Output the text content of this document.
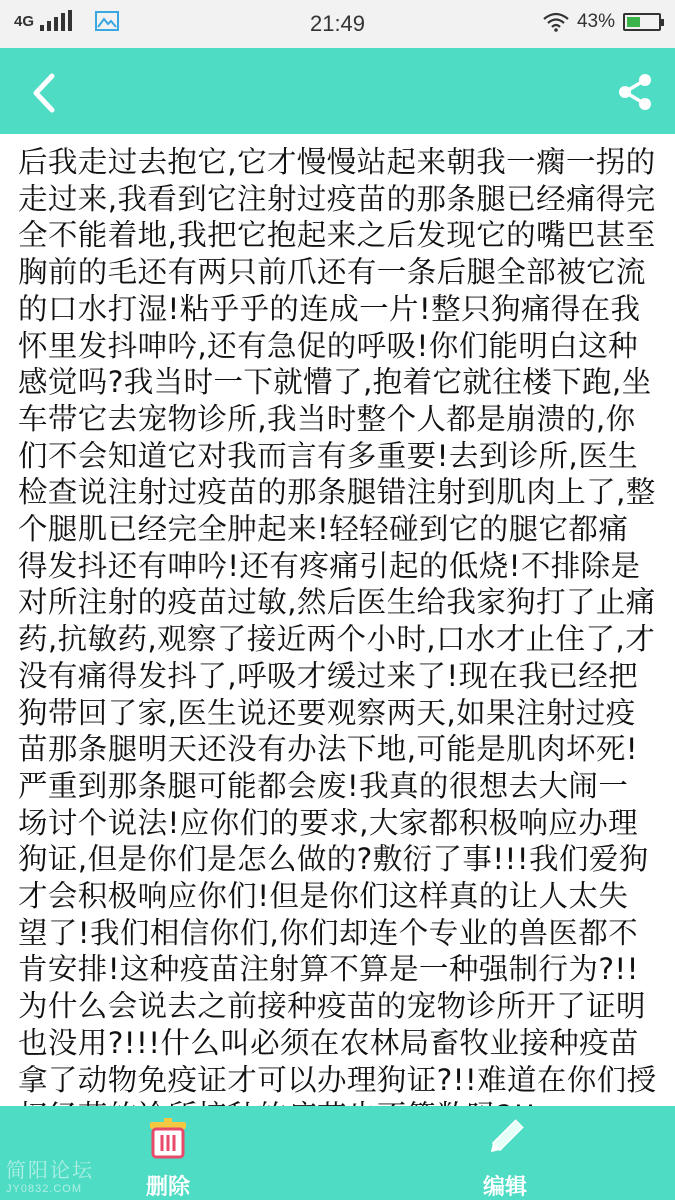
4G	21:49	43%

后我走过去抱它,它才慢慢站起来朝我一瘸一拐的走过来,我看到它注射过疫苗的那条腿已经痛得完全不能着地,我把它抱起来之后发现它的嘴巴甚至胸前的毛还有两只前爪还有一条后腿全部被它流的口水打湿!粘乎乎的连成一片!整只狗痛得在我怀里发抖呻吟,还有急促的呼吸!你们能明白这种感觉吗?我当时一下就懵了,抱着它就往楼下跑,坐车带它去宠物诊所,我当时整个人都是崩溃的,你们不会知道它对我而言有多重要!去到诊所,医生检查说注射过疫苗的那条腿错注射到肌肉上了,整个腿肌已经完全肿起来!轻轻碰到它的腿它都痛得发抖还有呻吟!还有疼痛引起的低烧!不排除是对所注射的疫苗过敏,然后医生给我家狗打了止痛药,抗敏药,观察了接近两个小时,口水才止住了,才没有痛得发抖了,呼吸才缓过来了!现在我已经把狗带回了家,医生说还要观察两天,如果注射过疫苗那条腿明天还没有办法下地,可能是肌肉坏死!严重到那条腿可能都会废!我真的很想去大闹一场讨个说法!应你们的要求,大家都积极响应办理狗证,但是你们是怎么做的?敷衍了事!!!我们爱狗才会积极响应你们!但是你们这样真的让人太失望了!我们相信你们,你们却连个专业的兽医都不肯安排!这种疫苗注射算不算是一种强制行为?!!为什么会说去之前接种疫苗的宠物诊所开了证明也没用?!!!什么叫必须在农林局畜牧业接种疫苗拿了动物免疫证才可以办理狗证?!!难道在你们授

删除	编辑
简阳论坛
JY0832.COM
